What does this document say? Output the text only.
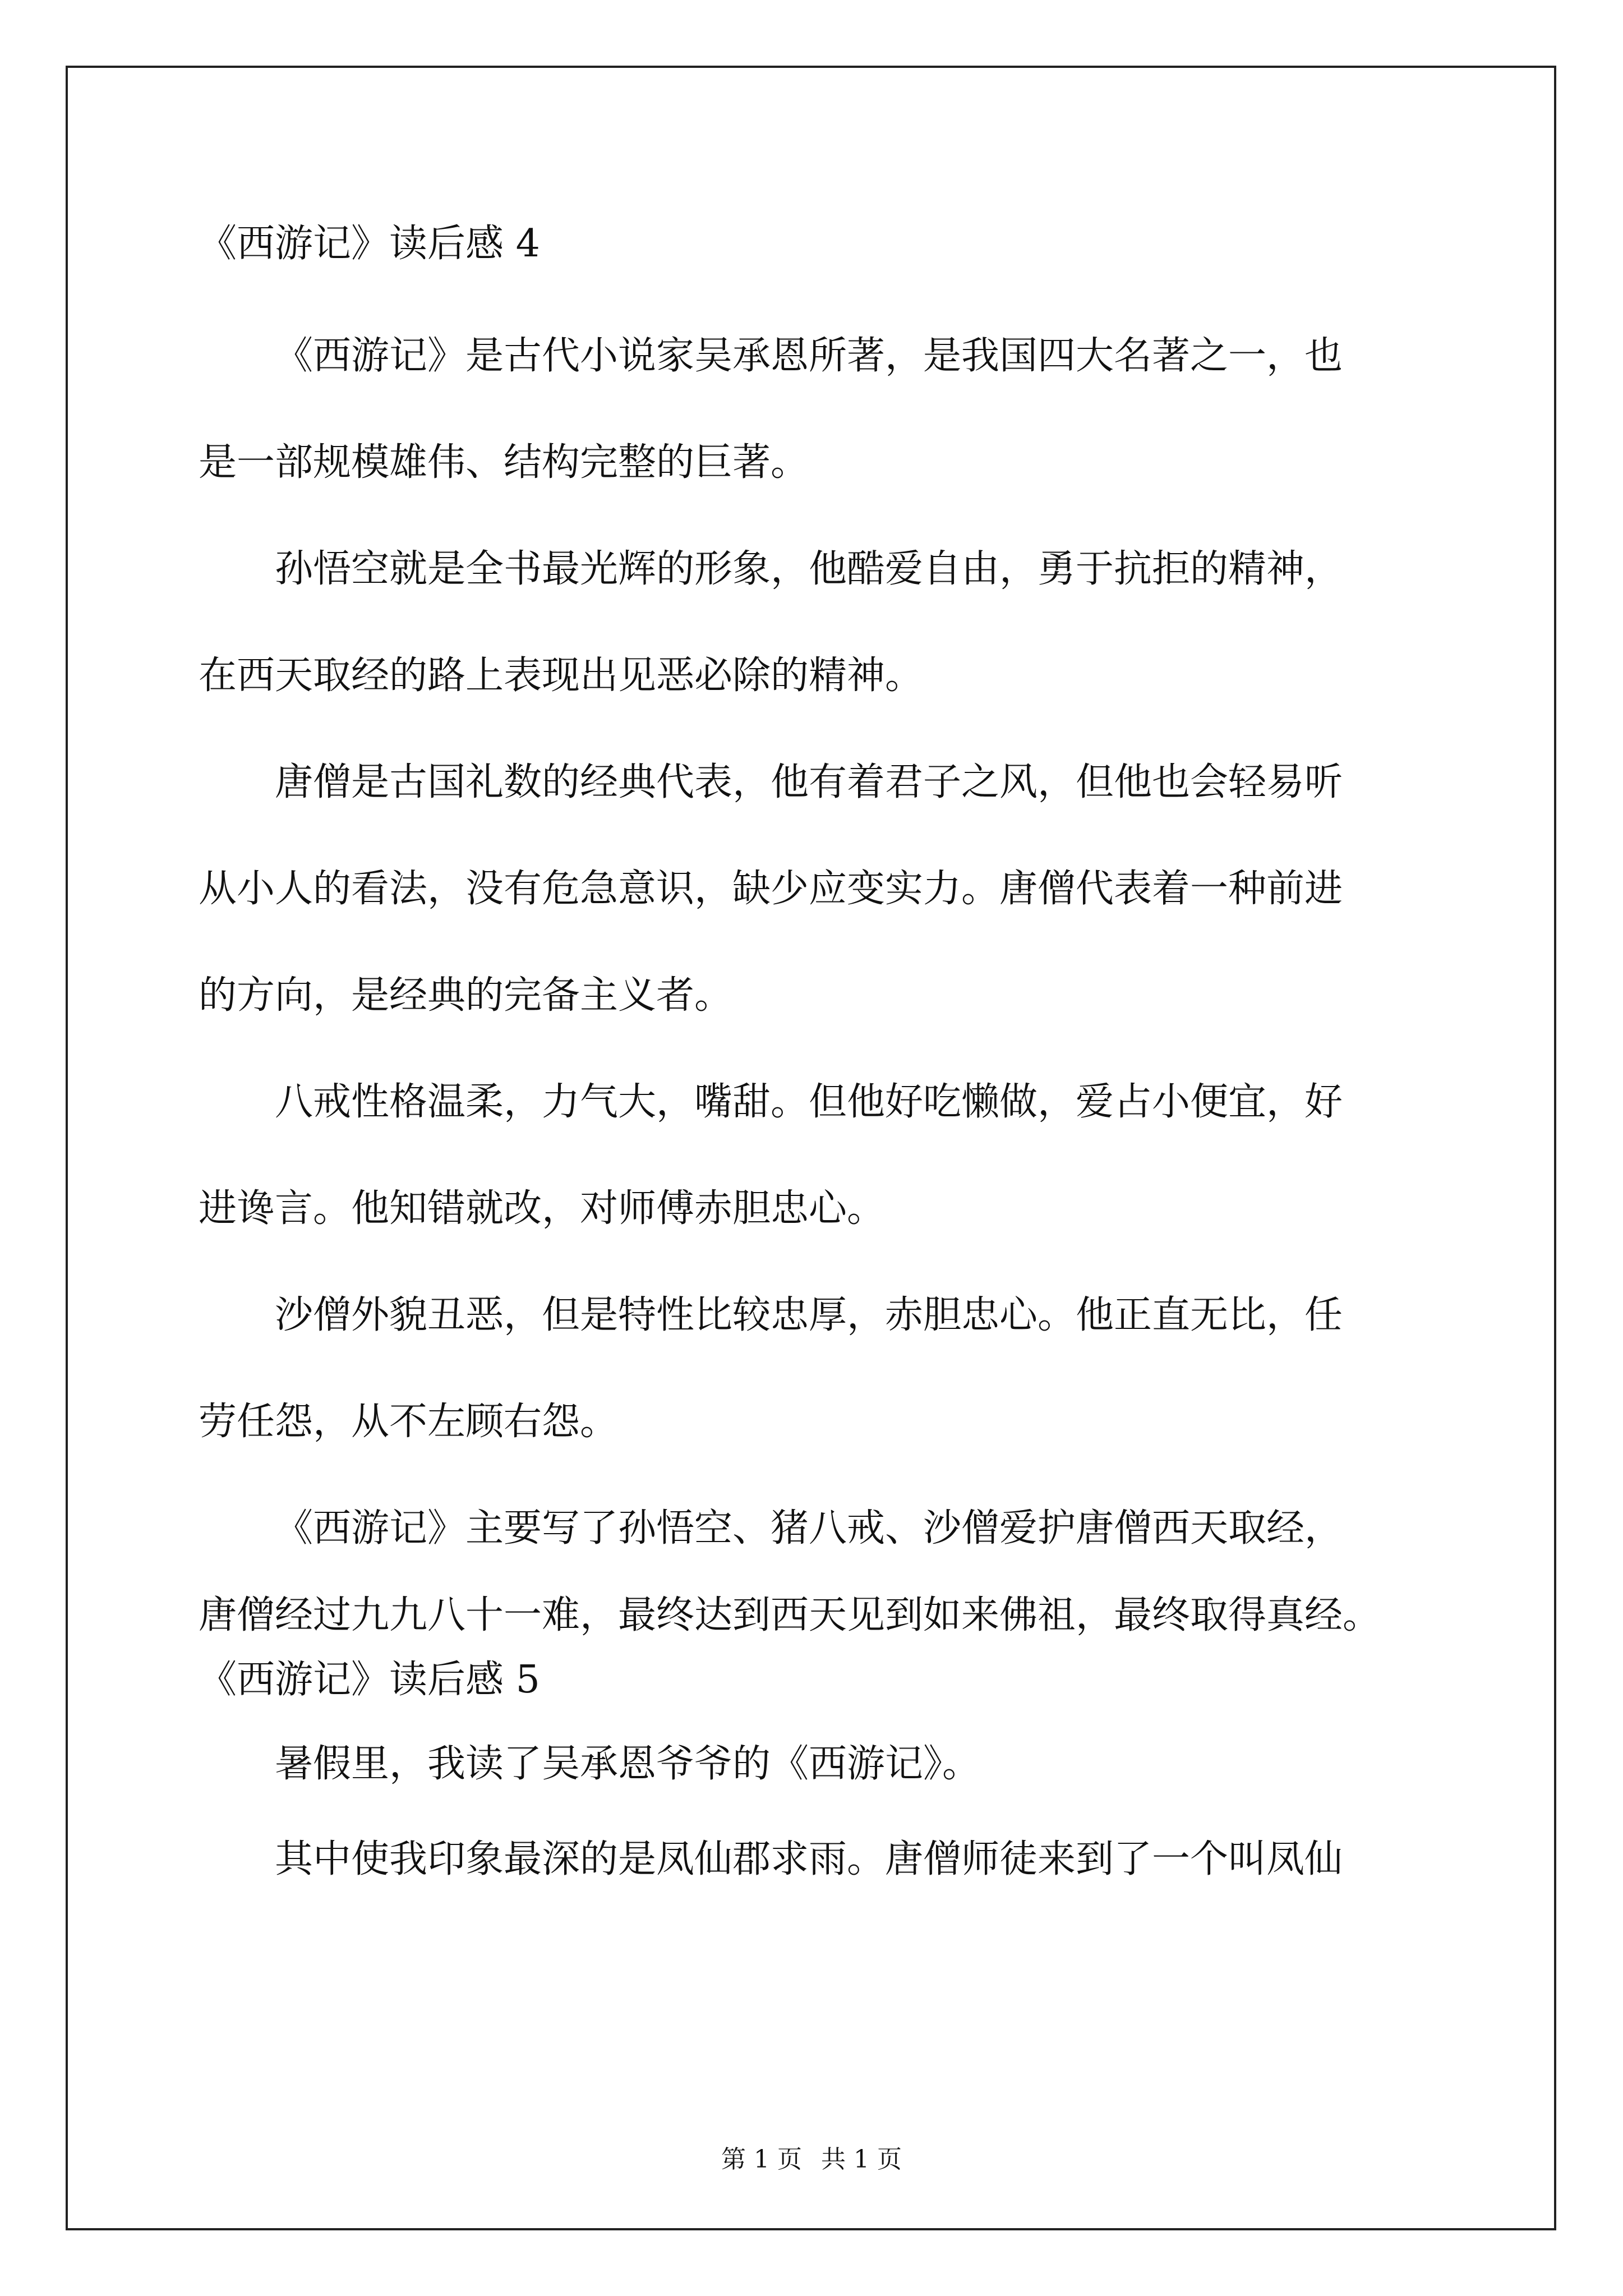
《西游记》读后感 4

《西游记》是古代小说家吴承恩所著，是我国四大名著之一，也
是一部规模雄伟、结构完整的巨著。

孙悟空就是全书最光辉的形象，他酷爱自由，勇于抗拒的精神，
在西天取经的路上表现出见恶必除的精神。

唐僧是古国礼数的经典代表，他有着君子之风，但他也会轻易听
从小人的看法，没有危急意识，缺少应变实力。唐僧代表着一种前进
的方向，是经典的完备主义者。

八戒性格温柔，力气大，嘴甜。但他好吃懒做，爱占小便宜，好
进谗言。他知错就改，对师傅赤胆忠心。

沙僧外貌丑恶，但是特性比较忠厚，赤胆忠心。他正直无比，任
劳任怨，从不左顾右怨。

《西游记》主要写了孙悟空、猪八戒、沙僧爱护唐僧西天取经，
唐僧经过九九八十一难，最终达到西天见到如来佛祖，最终取得真经。

《西游记》读后感 5

暑假里，我读了吴承恩爷爷的《西游记》。

其中使我印象最深的是凤仙郡求雨。唐僧师徒来到了一个叫凤仙

第 1 页 共 1 页
